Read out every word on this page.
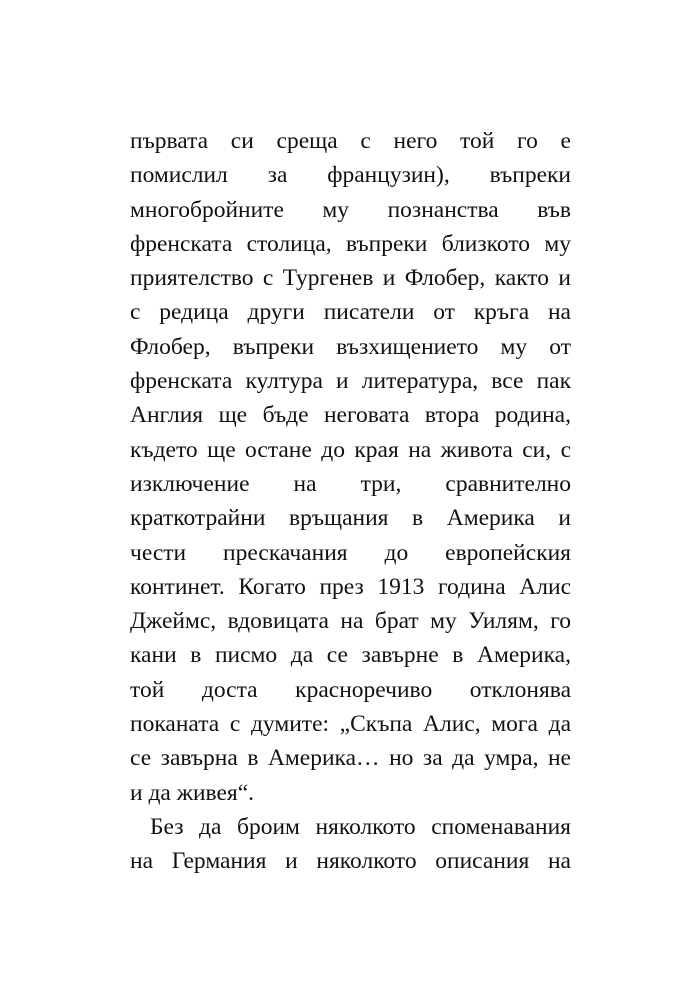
първата си среща с него той го е
помислил за французин), въпреки
многобройните му познанства във
френската столица, въпреки близкото му
приятелство с Тургенев и Флобер, както и
с редица други писатели от кръга на
Флобер, въпреки възхищението му от
френската култура и литература, все пак
Англия ще бъде неговата втора родина,
където ще остане до края на живота си, с
изключение на три, сравнително
краткотрайни връщания в Америка и
чести прескачания до европейския
континет. Когато през 1913 година Алис
Джеймс, вдовицата на брат му Уилям, го
кани в писмо да се завърне в Америка,
той доста красноречиво отклонява
поканата с думите: „Скъпа Алис, мога да
се завърна в Америка… но за да умра, не
и да живея“.
Без да броим няколкото споменавания
на Германия и няколкото описания на
